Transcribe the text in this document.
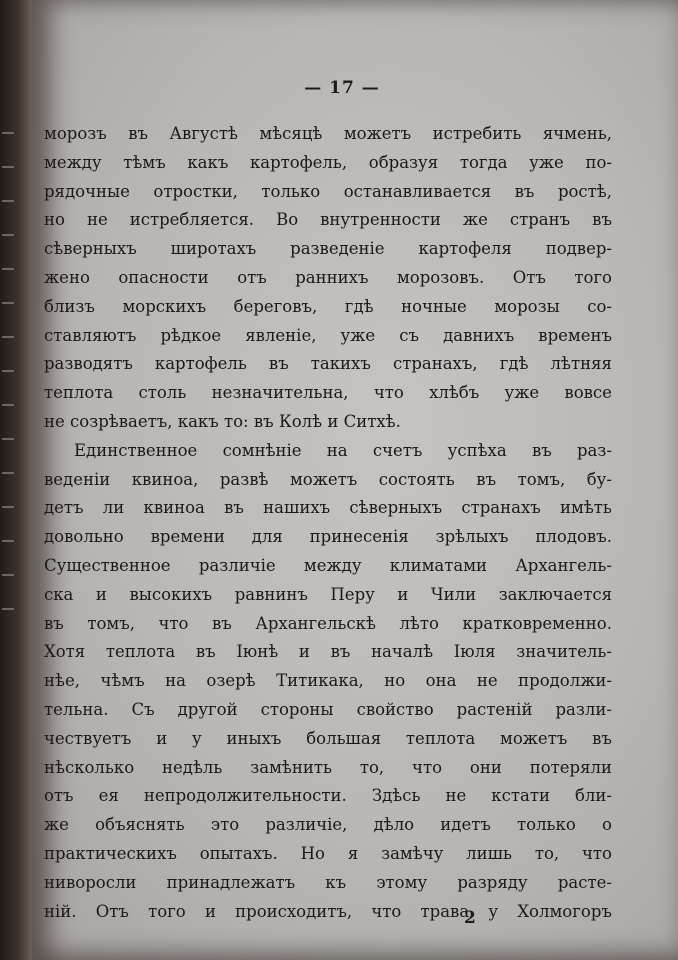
— 17 —
морозъ въ Августѣ мѣсяцѣ можетъ истребить ячмень,
между тѣмъ какъ картофель, образуя тогда уже по-
рядочные отростки, только останавливается въ ростѣ,
но не истребляется. Во внутренности же странъ въ
сѣверныхъ широтахъ разведеніе картофеля подвер-
жено опасности отъ раннихъ морозовъ. Отъ того
близъ морскихъ береговъ, гдѣ ночные морозы со-
ставляютъ рѣдкое явленіе, уже съ давнихъ временъ
разводятъ картофель въ такихъ странахъ, гдѣ лѣтняя
теплота столь незначительна, что хлѣбъ уже вовсе
не созрѣваетъ, какъ то: въ Колѣ и Ситхѣ.
Единственное сомнѣніе на счетъ успѣха въ раз-
веденіи квиноа, развѣ можетъ состоять въ томъ, бу-
детъ ли квиноа въ нашихъ сѣверныхъ странахъ имѣть
довольно времени для принесенія зрѣлыхъ плодовъ.
Существенное различіе между климатами Архангель-
ска и высокихъ равнинъ Перу и Чили заключается
въ томъ, что въ Архангельскѣ лѣто кратковременно.
Хотя теплота въ Іюнѣ и въ началѣ Іюля значитель-
нѣе, чѣмъ на озерѣ Титикака, но она не продолжи-
тельна. Съ другой стороны свойство растеній разли-
чествуетъ и у иныхъ большая теплота можетъ въ
нѣсколько недѣль замѣнить то, что они потеряли
отъ ея непродолжительности. Здѣсь не кстати бли-
же объяснять это различіе, дѣло идетъ только о
практическихъ опытахъ. Но я замѣчу лишь то, что
ниворосли принадлежатъ къ этому разряду расте-
ній. Отъ того и происходитъ, что трава у Холмогоръ
2
